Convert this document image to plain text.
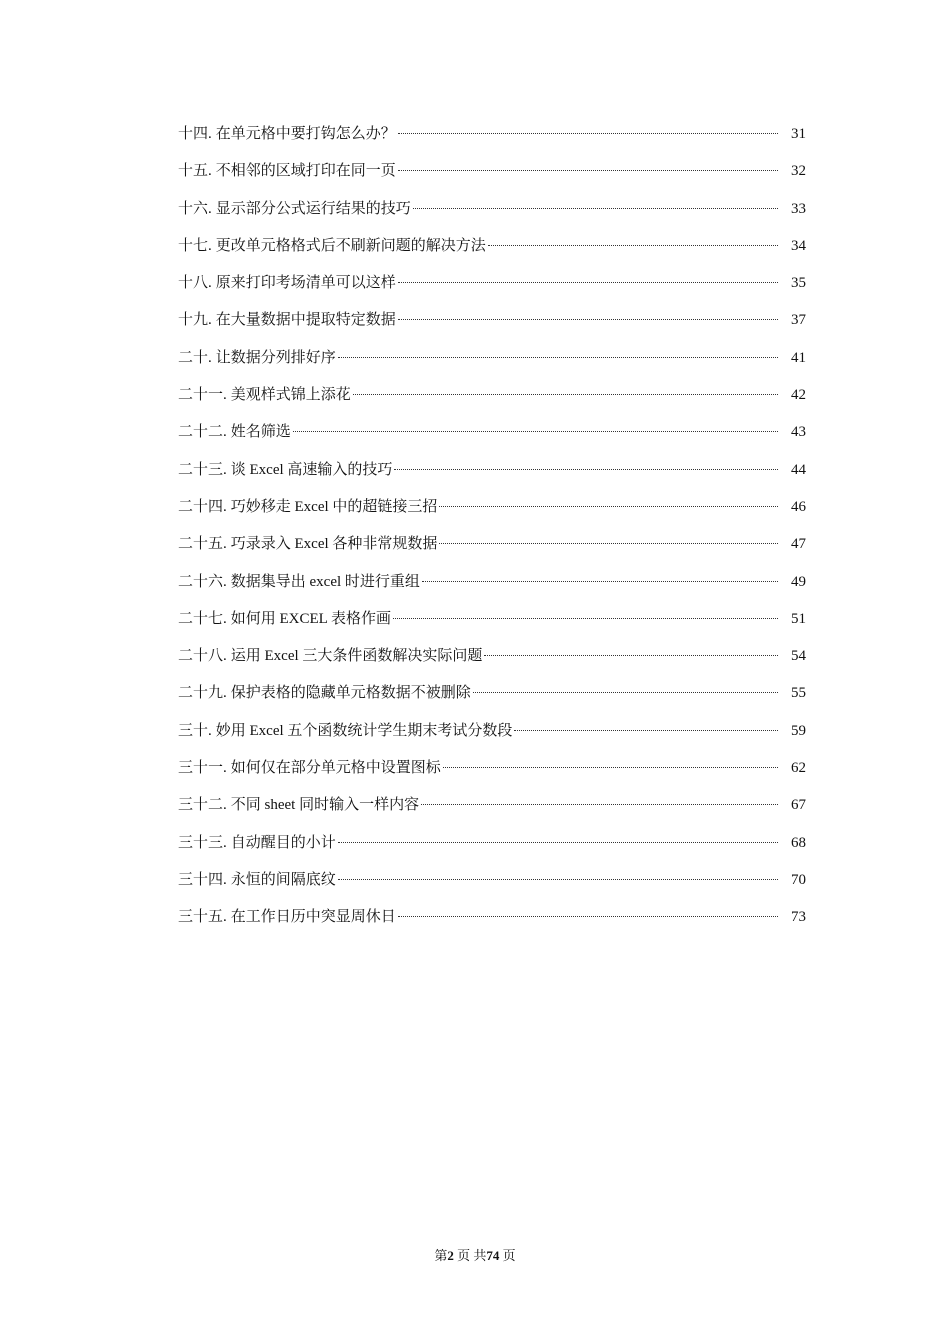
十四. 在单元格中要打钩怎么办？	31
十五. 不相邻的区域打印在同一页	32
十六. 显示部分公式运行结果的技巧	33
十七. 更改单元格格式后不刷新问题的解决方法	34
十八. 原来打印考场清单可以这样	35
十九. 在大量数据中提取特定数据	37
二十. 让数据分列排好序	41
二十一. 美观样式锦上添花	42
二十二. 姓名筛选	43
二十三. 谈 Excel 高速输入的技巧	44
二十四. 巧妙移走 Excel 中的超链接三招	46
二十五. 巧录录入 Excel 各种非常规数据	47
二十六. 数据集导出 excel 时进行重组	49
二十七. 如何用 EXCEL 表格作画	51
二十八. 运用 Excel 三大条件函数解决实际问题	54
二十九. 保护表格的隐藏单元格数据不被删除	55
三十. 妙用 Excel 五个函数统计学生期末考试分数段	59
三十一. 如何仅在部分单元格中设置图标	62
三十二. 不同 sheet 同时输入一样内容	67
三十三. 自动醒目的小计	68
三十四. 永恒的间隔底纹	70
三十五. 在工作日历中突显周休日	73
第2 页 共74 页
